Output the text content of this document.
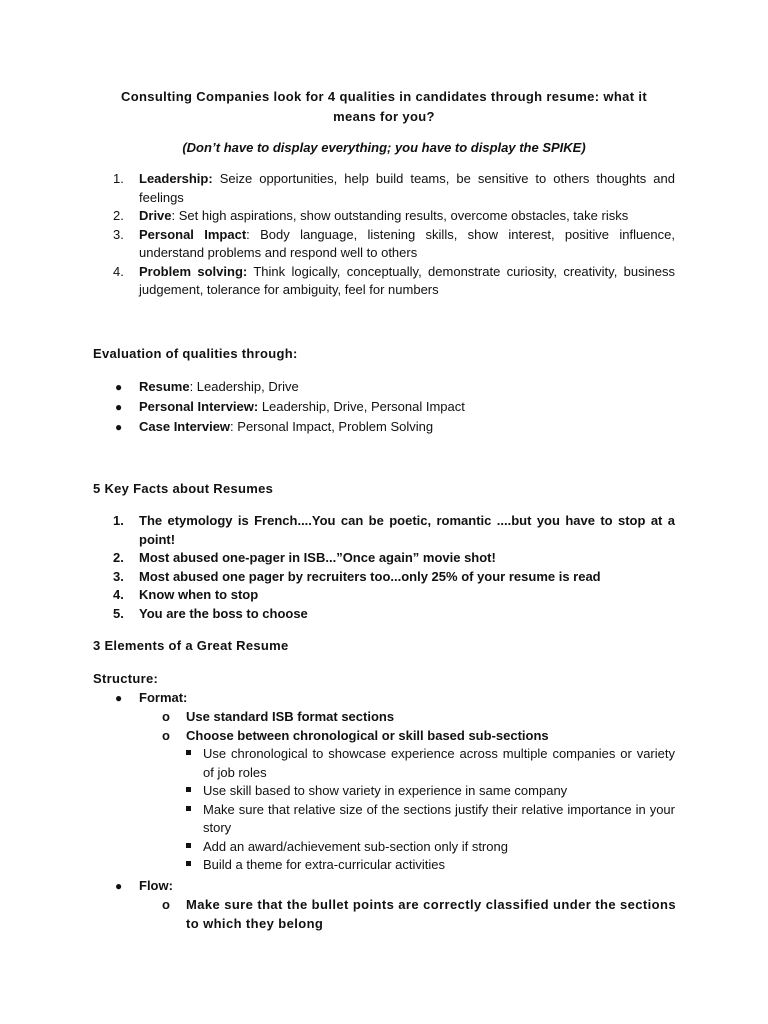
Consulting Companies look for 4 qualities in candidates through resume: what it means for you?
(Don’t have to display everything; you have to display the SPIKE)
1. Leadership: Seize opportunities, help build teams, be sensitive to others thoughts and feelings
2. Drive: Set high aspirations, show outstanding results, overcome obstacles, take risks
3. Personal Impact: Body language, listening skills, show interest, positive influence, understand problems and respond well to others
4. Problem solving: Think logically, conceptually, demonstrate curiosity, creativity, business judgement, tolerance for ambiguity, feel for numbers
Evaluation of qualities through:
● Resume: Leadership, Drive
● Personal Interview: Leadership, Drive, Personal Impact
● Case Interview: Personal Impact, Problem Solving
5 Key Facts about Resumes
1. The etymology is French....You can be poetic, romantic ....but you have to stop at a point!
2. Most abused one-pager in ISB...”Once again” movie shot!
3. Most abused one pager by recruiters too...only 25% of your resume is read
4. Know when to stop
5. You are the boss to choose
3 Elements of a Great Resume
Structure:
● Format:
o Use standard ISB format sections
o Choose between chronological or skill based sub-sections
Use chronological to showcase experience across multiple companies or variety of job roles
Use skill based to show variety in experience in same company
Make sure that relative size of the sections justify their relative importance in your story
Add an award/achievement sub-section only if strong
Build a theme for extra-curricular activities
● Flow:
o Make sure that the bullet points are correctly classified under the sections to which they belong
